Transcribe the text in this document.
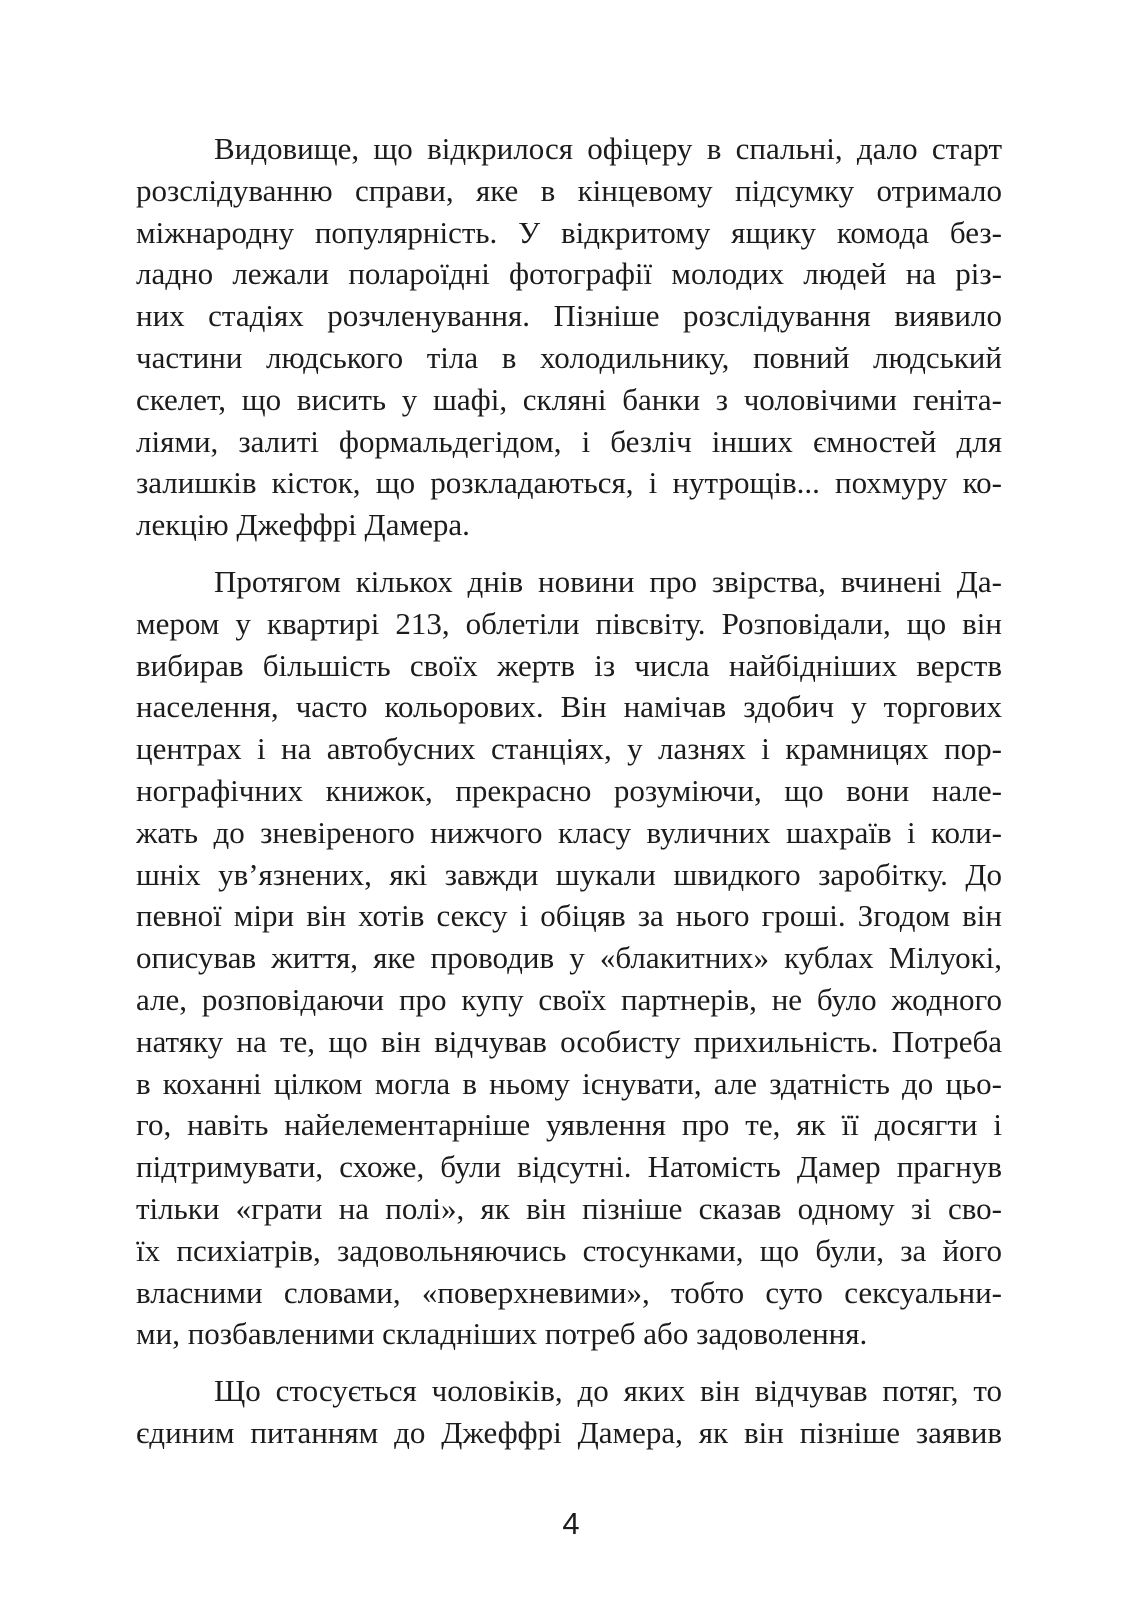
Видовище, що відкрилося офіцеру в спальні, дало старт
розслідуванню справи, яке в кінцевому підсумку отримало
міжнародну популярність. У відкритому ящику комода без-
ладно лежали полароїдні фотографії молодих людей на різ-
них стадіях розчленування. Пізніше розслідування виявило
частини людського тіла в холодильнику, повний людський
скелет, що висить у шафі, скляні банки з чоловічими геніта-
ліями, залиті формальдегідом, і безліч інших ємностей для
залишків кісток, що розкладаються, і нутрощів... похмуру ко-
лекцію Джеффрі Дамера.
Протягом кількох днів новини про звірства, вчинені Да-
мером у квартирі 213, облетіли півсвіту. Розповідали, що він
вибирав більшість своїх жертв із числа найбідніших верств
населення, часто кольорових. Він намічав здобич у торгових
центрах і на автобусних станціях, у лазнях і крамницях пор-
нографічних книжок, прекрасно розуміючи, що вони нале-
жать до зневіреного нижчого класу вуличних шахраїв і коли-
шніх ув’язнених, які завжди шукали швидкого заробітку. До
певної міри він хотів сексу і обіцяв за нього гроші. Згодом він
описував життя, яке проводив у «блакитних» кублах Мілуокі,
але, розповідаючи про купу своїх партнерів, не було жодного
натяку на те, що він відчував особисту прихильність. Потреба
в коханні цілком могла в ньому існувати, але здатність до цьо-
го, навіть найелементарніше уявлення про те, як її досягти і
підтримувати, схоже, були відсутні. Натомість Дамер прагнув
тільки «грати на полі», як він пізніше сказав одному зі сво-
їх психіатрів, задовольняючись стосунками, що були, за його
власними словами, «поверхневими», тобто суто сексуальни-
ми, позбавленими складніших потреб або задоволення.
Що стосується чоловіків, до яких він відчував потяг, то
єдиним питанням до Джеффрі Дамера, як він пізніше заявив
4
